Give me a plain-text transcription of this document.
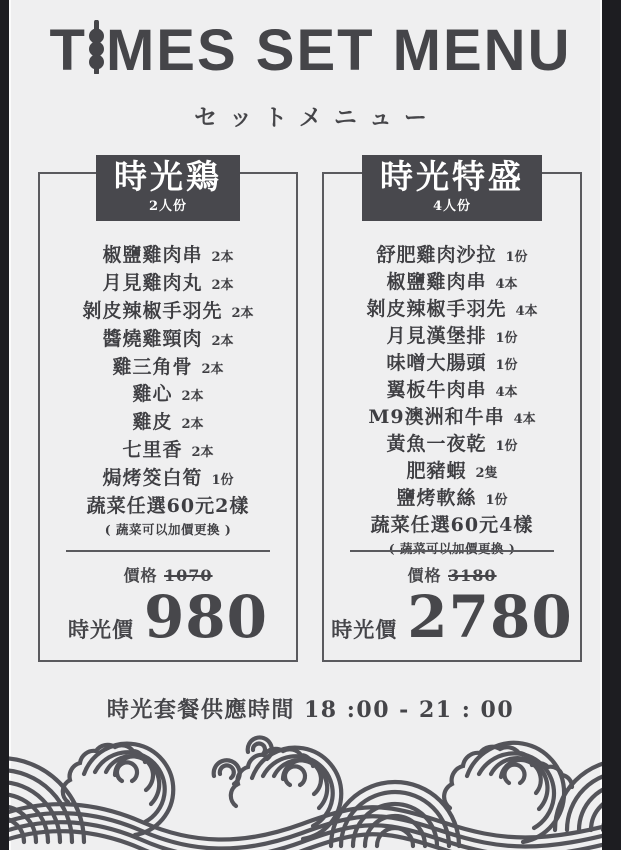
T MES SET MENU
セットメニュー
時光鶏
2人份
椒鹽雞肉串 2本
月見雞肉丸 2本
剝皮辣椒手羽先 2本
醬燒雞頸肉 2本
雞三角骨 2本
雞心 2本
雞皮 2本
七里香 2本
焗烤筊白筍 1份
蔬菜任選60元2樣
( 蔬菜可以加價更換 )
價格 1070
時光價 980
時光特盛
4人份
舒肥雞肉沙拉 1份
椒鹽雞肉串 4本
剝皮辣椒手羽先 4本
月見漢堡排 1份
味噌大腸頭 1份
翼板牛肉串 4本
M9澳洲和牛串 4本
黃魚一夜乾 1份
肥豬蝦 2隻
鹽烤軟絲 1份
蔬菜任選60元4樣
( 蔬菜可以加價更換 )
價格 3180
時光價 2780
時光套餐供應時間 18 :00 - 21 : 00
